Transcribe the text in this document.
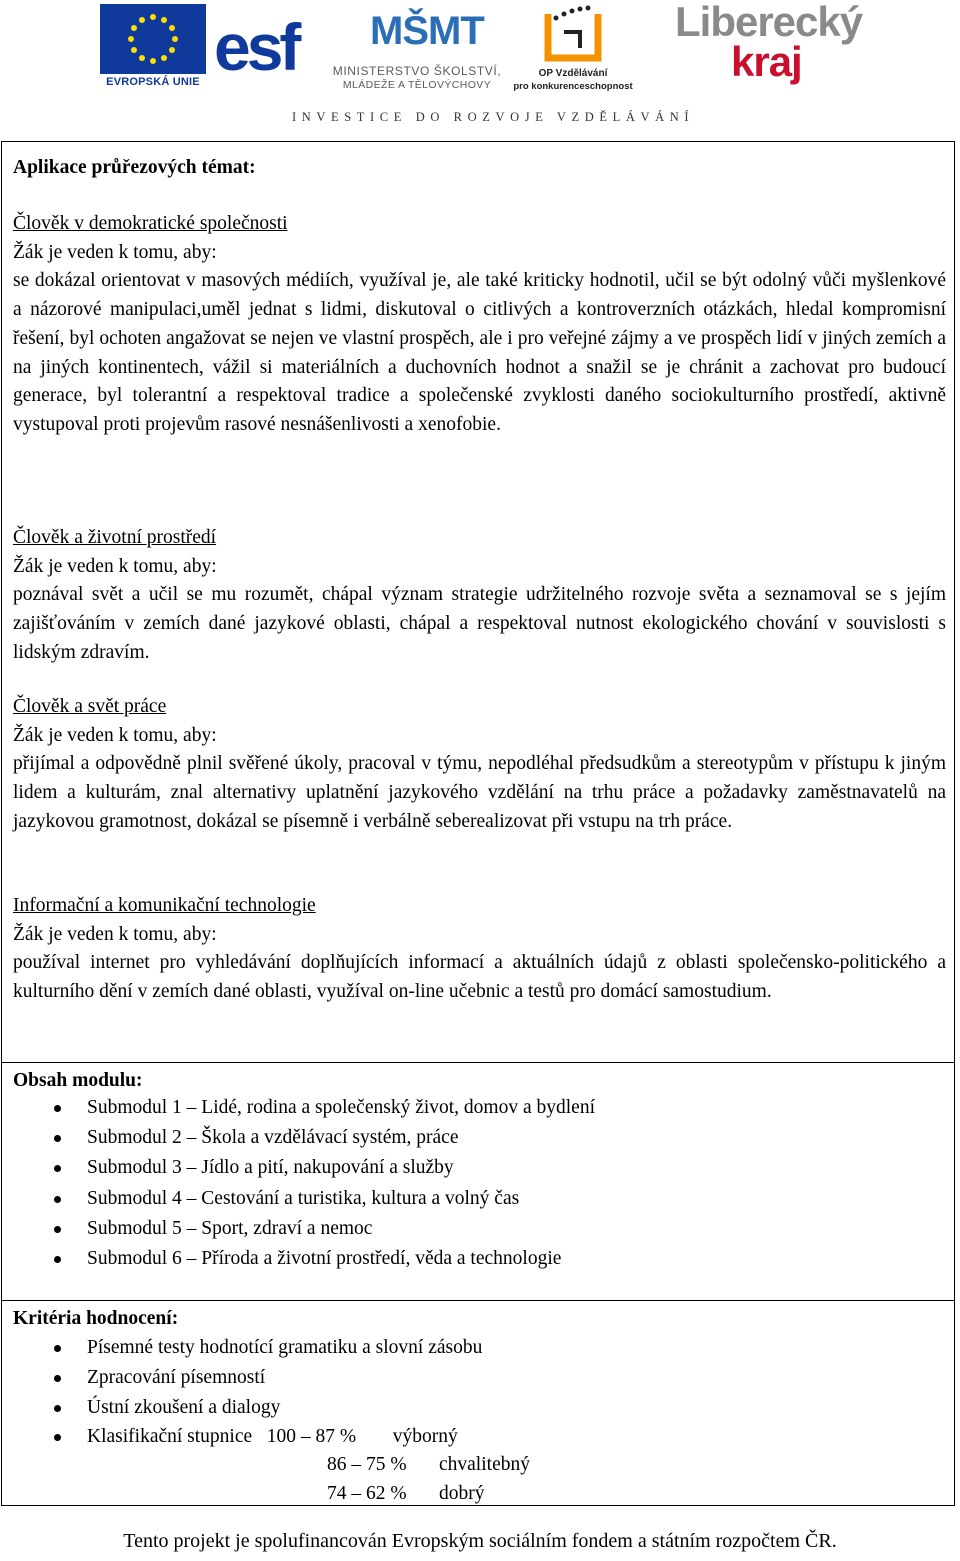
EVROPSKÁ UNIE esf MŠMT
MINISTERSTVO ŠKOLSTVÍ,
MLÁDEŽE A TĚLOVÝCHOVY
OP Vzdělávání
pro konkurenceschopnost
Liberecký
kraj
INVESTICE DO ROZVOJE VZDĚLÁVÁNÍ
Aplikace průřezových témat:

Člověk v demokratické společnosti

Žák je veden k tomu, aby:

se dokázal orientovat v masových médiích, využíval je, ale také kriticky hodnotil, učil se být odolný vůči myšlenkové a názorové manipulaci,uměl jednat s lidmi, diskutoval o citlivých a kontroverzních otázkách, hledal kompromisní řešení, byl ochoten angažovat se nejen ve vlastní prospěch, ale i pro veřejné zájmy a ve prospěch lidí v jiných zemích a na jiných kontinentech, vážil si materiálních a duchovních hodnot a snažil se je chránit a zachovat pro budoucí generace, byl tolerantní a respektoval tradice a společenské zvyklosti daného sociokulturního prostředí, aktivně vystupoval proti projevům rasové nesnášenlivosti a xenofobie.

Člověk a životní prostředí

Žák je veden k tomu, aby:

poznával svět a učil se mu rozumět, chápal význam strategie udržitelného rozvoje světa a seznamoval se s jejím zajišťováním v zemích dané jazykové oblasti, chápal a respektoval nutnost ekologického chování v souvislosti s lidským zdravím.

Člověk a svět práce

Žák je veden k tomu, aby:

přijímal a odpovědně plnil svěřené úkoly, pracoval v týmu, nepodléhal předsudkům a stereotypům v přístupu k jiným lidem a kulturám, znal alternativy uplatnění jazykového vzdělání na trhu práce a požadavky zaměstnavatelů na jazykovou gramotnost, dokázal se písemně i verbálně seberealizovat při vstupu na trh práce.

Informační a komunikační technologie

Žák je veden k tomu, aby:

používal internet pro vyhledávání doplňujících informací a aktuálních údajů z oblasti společensko-politického a kulturního dění v zemích dané oblasti, využíval on-line učebnic a testů pro domácí samostudium.

Obsah modulu:
Submodul 1 – Lidé, rodina a společenský život, domov a bydlení
Submodul 2 – Škola a vzdělávací systém, práce
Submodul 3 – Jídlo a pití, nakupování a služby
Submodul 4 – Cestování a turistika, kultura a volný čas
Submodul 5 – Sport, zdraví a nemoc
Submodul 6 – Příroda a životní prostředí, věda a technologie
Kritéria hodnocení:
Písemné testy hodnotící gramatiku a slovní zásobu
Zpracování písemností
Ústní zkoušení a dialogy
Klasifikační stupnice 100 – 87 % výborný
86 – 75 % chvalitebný
74 – 62 % dobrý
Tento projekt je spolufinancován Evropským sociálním fondem a státním rozpočtem ČR.
